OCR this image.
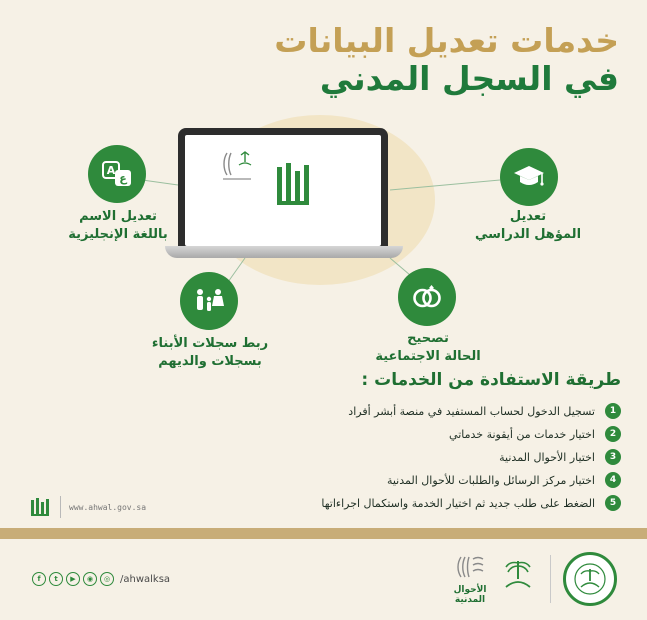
خدمات تعديل البيانات
في السجل المدني
A
ع
تعديل الاسم
باللغة الإنجليزية
تعديل
المؤهل الدراسي
ربط سجلات الأبناء
بسجلات والديهم
تصحيح
الحالة الاجتماعية
طريقة الاستفادة من الخدمات :
1
تسجيل الدخول لحساب المستفيد في منصة أبشر أفراد
2
اختيار خدمات من أيقونة خدماتي
3
اختيار الأحوال المدنية
4
اختيار مركز الرسائل والطلبات للأحوال المدنية
5
الضغط على طلب جديد ثم اختيار الخدمة واستكمال اجراءاتها
www.ahwal.gov.sa
f	t	▶	◉	◎ /ahwalksa
الأحوال المدنية
